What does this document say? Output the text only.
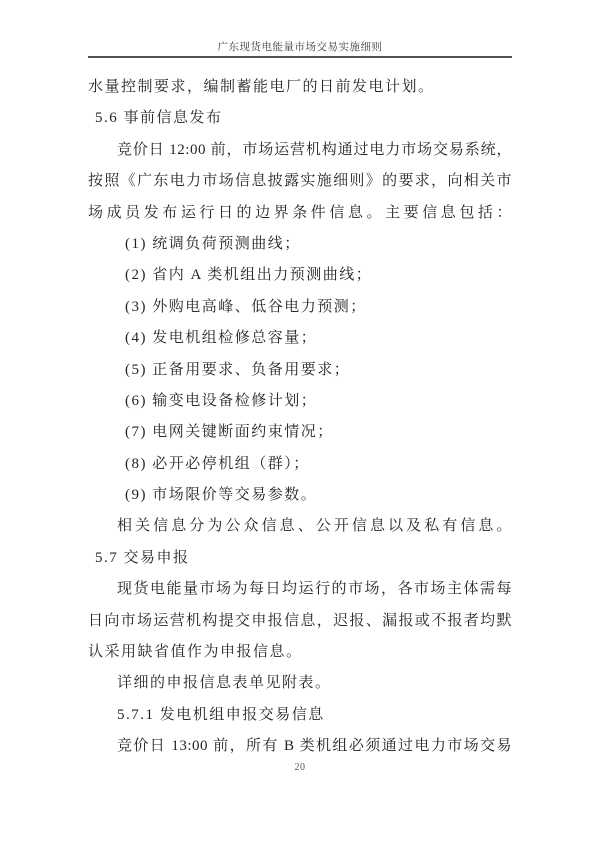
广东现货电能量市场交易实施细则
水量控制要求，编制蓄能电厂的日前发电计划。
5.6 事前信息发布
竞价日 12:00 前，市场运营机构通过电力市场交易系统，
按照《广东电力市场信息披露实施细则》的要求，向相关市
场成员发布运行日的边界条件信息。主要信息包括：
(1) 统调负荷预测曲线；
(2) 省内 A 类机组出力预测曲线；
(3) 外购电高峰、低谷电力预测；
(4) 发电机组检修总容量；
(5) 正备用要求、负备用要求；
(6) 输变电设备检修计划；
(7) 电网关键断面约束情况；
(8) 必开必停机组（群）；
(9) 市场限价等交易参数。
相关信息分为公众信息、公开信息以及私有信息。
5.7 交易申报
现货电能量市场为每日均运行的市场，各市场主体需每
日向市场运营机构提交申报信息，迟报、漏报或不报者均默
认采用缺省值作为申报信息。
详细的申报信息表单见附表。
5.7.1 发电机组申报交易信息
竞价日 13:00 前，所有 B 类机组必须通过电力市场交易
20
